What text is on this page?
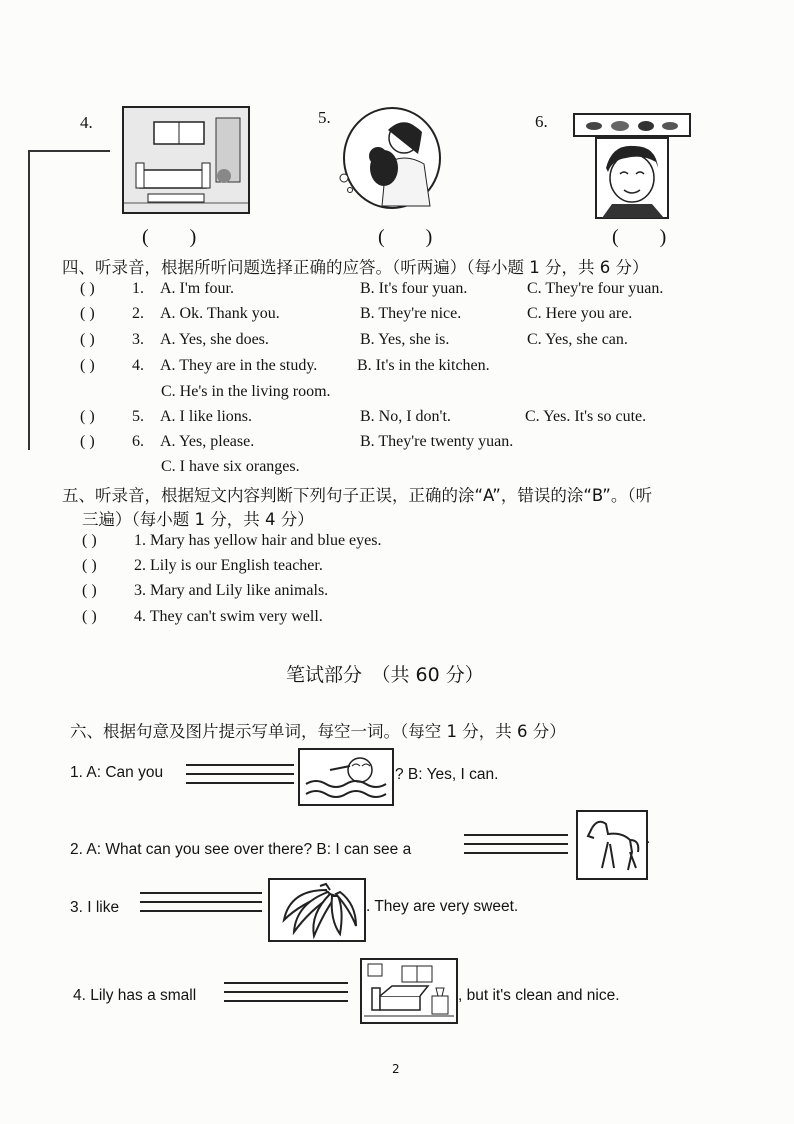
4.
( )
5.
( )
6.
( )
四、听录音，根据所听问题选择正确的应答。（听两遍）（每小题 1 分，共 6 分）
( ) 1. A. I'm four.	B. It's four yuan.	C. They're four yuan.
( ) 2. A. Ok. Thank you.	B. They're nice.	C. Here you are.
( ) 3. A. Yes, she does.	B. Yes, she is.	C. Yes, she can.
( ) 4. A. They are in the study. B. It's in the kitchen.
C. He's in the living room.
( ) 5. A. I like lions.	B. No, I don't.	C. Yes. It's so cute.
( ) 6. A. Yes, please.	B. They're twenty yuan.
C. I have six oranges.
五、听录音，根据短文内容判断下列句子正误，正确的涂“A”，错误的涂“B”。（听
三遍）（每小题 1 分，共 4 分）
( ) 1. Mary has yellow hair and blue eyes.
( ) 2. Lily is our English teacher.
( ) 3. Mary and Lily like animals.
( ) 4. They can't swim very well.
笔试部分　（共 60 分）
六、根据句意及图片提示写单词，每空一词。（每空 1 分，共 6 分）
1. A: Can you	? B: Yes, I can.
2. A: What can you see over there? B: I can see a
.
3. I like	. They are very sweet.
4. Lily has a small	, but it's clean and nice.
2
